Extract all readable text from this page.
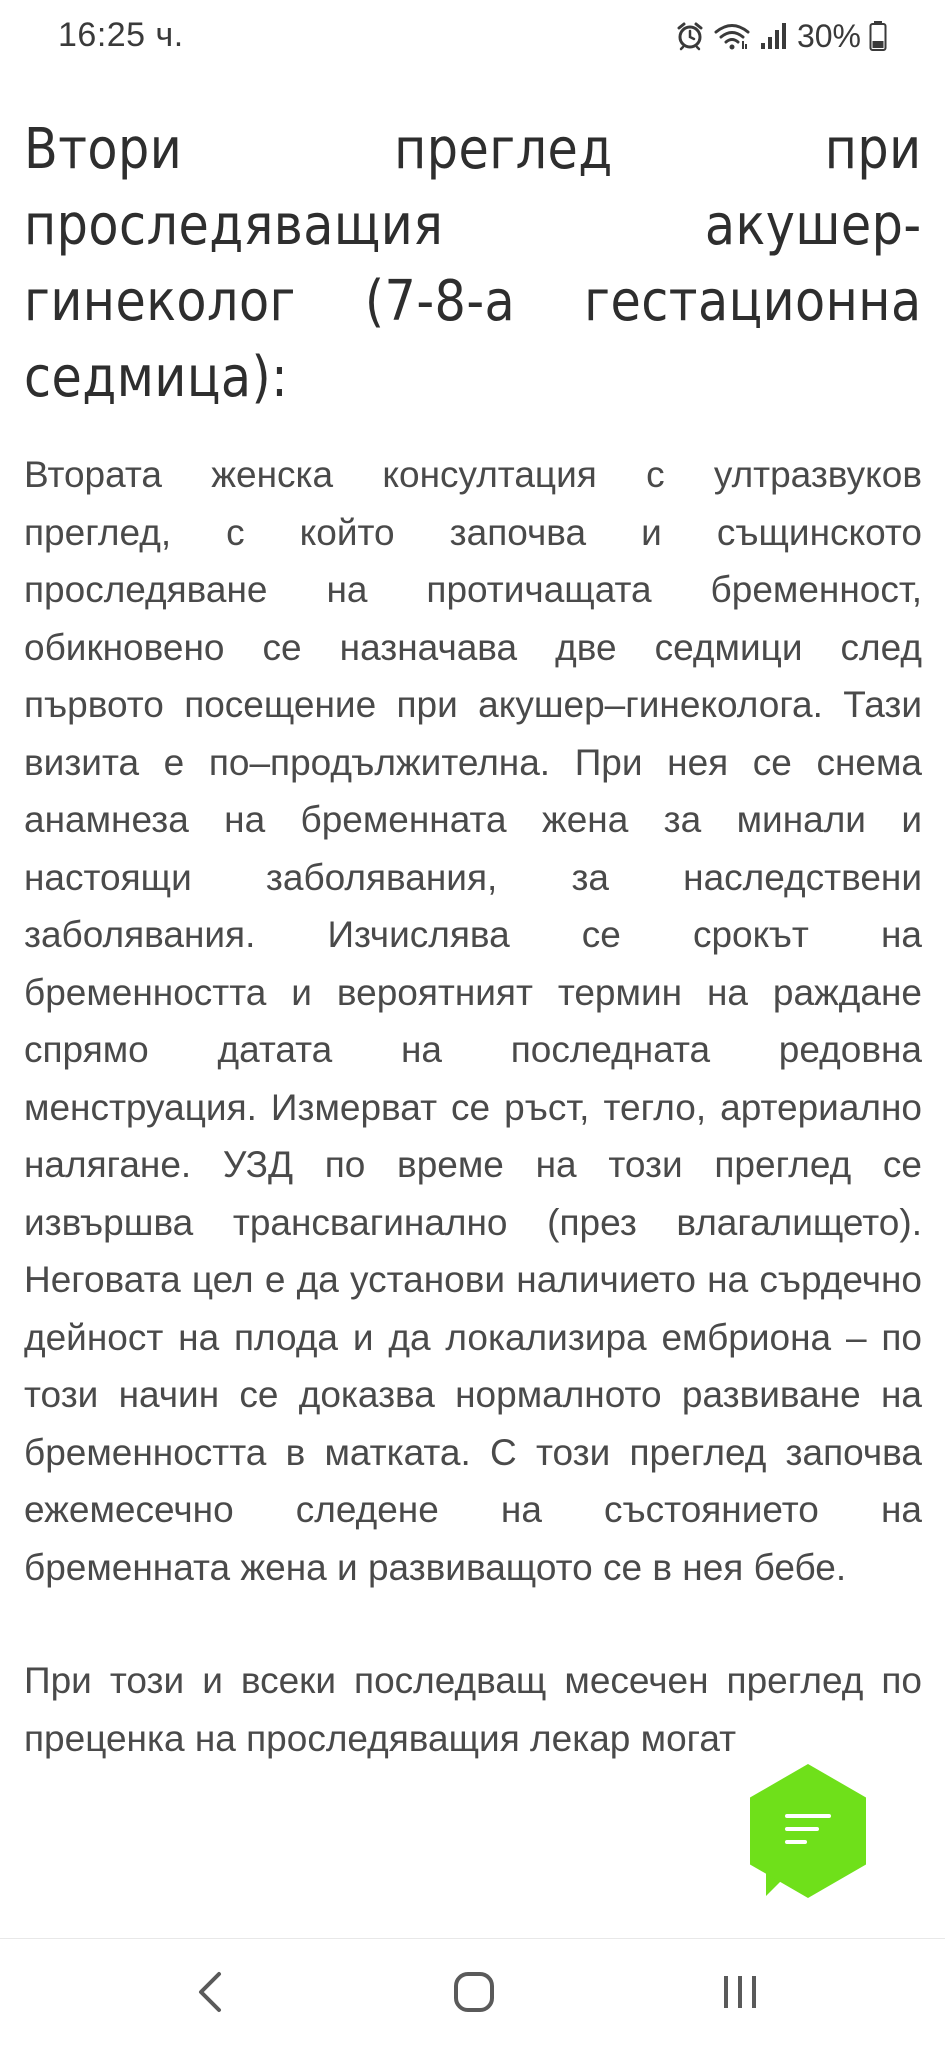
16:25 ч.	30%
Втори преглед при проследяващия акушер-гинеколог (7-8-а гестационна седмица):

Втората женска консултация с ултразвуков преглед, с който започва и същинското проследяване на протичащата бременност, обикновено се назначава две седмици след първото посещение при акушер–гинеколога. Тази визита е по–продължителна. При нея се снема анамнеза на бременната жена за минали и настоящи заболявания, за наследствени заболявания. Изчислява се срокът на бременността и вероятният термин на раждане спрямо датата на последната редовна менструация. Измерват се ръст, тегло, артериално налягане. УЗД по време на този преглед се извършва трансвагинално (през влагалището). Неговата цел е да установи наличието на сърдечно дейност на плода и да локализира ембриона – по този начин се доказва нормалното развиване на бременността в матката. С този преглед започва ежемесечно следене на състоянието на бременната жена и развиващото се в нея бебе.

При този и всеки последващ месечен преглед по преценка на проследяващия лекар могат
